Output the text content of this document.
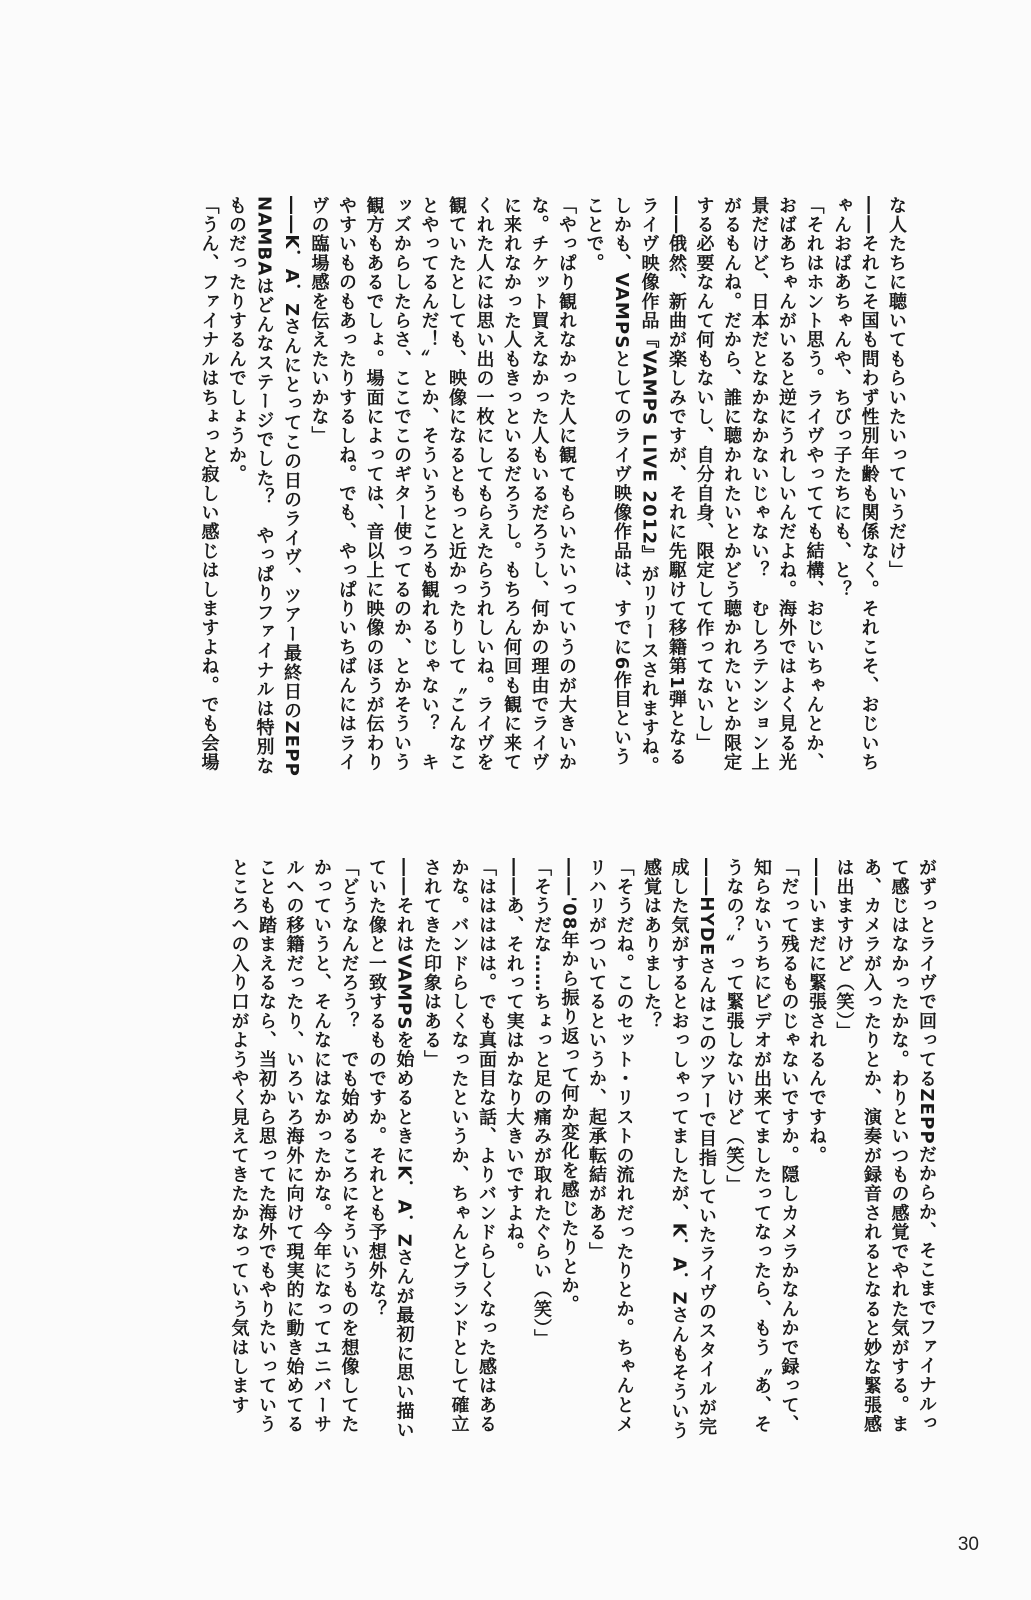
な人たちに聴いてもらいたいっていうだけ」

――それこそ国も問わず性別年齢も関係なく。それこそ、おじいちゃんおばあちゃんや、ちびっ子たちにも、と？

「それはホント思う。ライヴやってても結構、おじいちゃんとか、おばあちゃんがいると逆にうれしいんだよね。海外ではよく見る光景だけど、日本だとなかなかないじゃない？　むしろテンション上がるもんね。だから、誰に聴かれたいとかどう聴かれたいとか限定する必要なんて何もないし、自分自身、限定して作ってないし」

――俄然、新曲が楽しみですが、それに先駆けて移籍第1弾となるライヴ映像作品『VAMPS LIVE 2012』がリリースされますね。しかも、VAMPSとしてのライヴ映像作品は、すでに6作目ということで。

「やっぱり観れなかった人に観てもらいたいっていうのが大きいかな。チケット買えなかった人もいるだろうし、何かの理由でライヴに来れなかった人もきっといるだろうし。もちろん何回も観に来てくれた人には思い出の一枚にしてもらえたらうれしいね。ライヴを観ていたとしても、映像になるともっと近かったりして〝こんなことやってるんだ！〟とか、そういうところも観れるじゃない？　キッズからしたらさ、ここでこのギター使ってるのか、とかそういう観方もあるでしょ。場面によっては、音以上に映像のほうが伝わりやすいものもあったりするしね。でも、やっぱりいちばんにはライヴの臨場感を伝えたいかな」

――K．A．Zさんにとってこの日のライヴ、ツアー最終日のZEPP NAMBAはどんなステージでした？　やっぱりファイナルは特別なものだったりするんでしょうか。

「うん、ファイナルはちょっと寂しい感じはしますよね。でも会場

がずっとライヴで回ってるZEPPだからか、そこまでファイナルって感じはなかったかな。わりといつもの感覚でやれた気がする。まあ、カメラが入ったりとか、演奏が録音されるとなると妙な緊張感は出ますけど（笑）」

――いまだに緊張されるんですね。

「だって残るものじゃないですか。隠しカメラかなんかで録って、知らないうちにビデオが出来てましたってなったら、もう〝あ、そうなの？〟って緊張しないけど（笑）」

――HYDEさんはこのツアーで目指していたライヴのスタイルが完成した気がするとおっしゃってましたが、K．A．Zさんもそういう感覚はありました？

「そうだね。このセット・リストの流れだったりとか。ちゃんとメリハリがついてるというか、起承転結がある」

――'08年から振り返って何か変化を感じたりとか。

「そうだな……ちょっと足の痛みが取れたぐらい（笑）」

――あ、それって実はかなり大きいですよね。

「ははははは。でも真面目な話、よりバンドらしくなった感はあるかな。バンドらしくなったというか、ちゃんとブランドとして確立されてきた印象はある」

――それはVAMPSを始めるときにK．A．Zさんが最初に思い描いていた像と一致するものですか。それとも予想外な？

「どうなんだろう？　でも始めるころにそういうものを想像してたかっていうと、そんなにはなかったかな。今年になってユニバーサルへの移籍だったり、いろいろ海外に向けて現実的に動き始めてることも踏まえるなら、当初から思ってた海外でもやりたいっていうところへの入り口がようやく見えてきたかなっていう気はします

30
